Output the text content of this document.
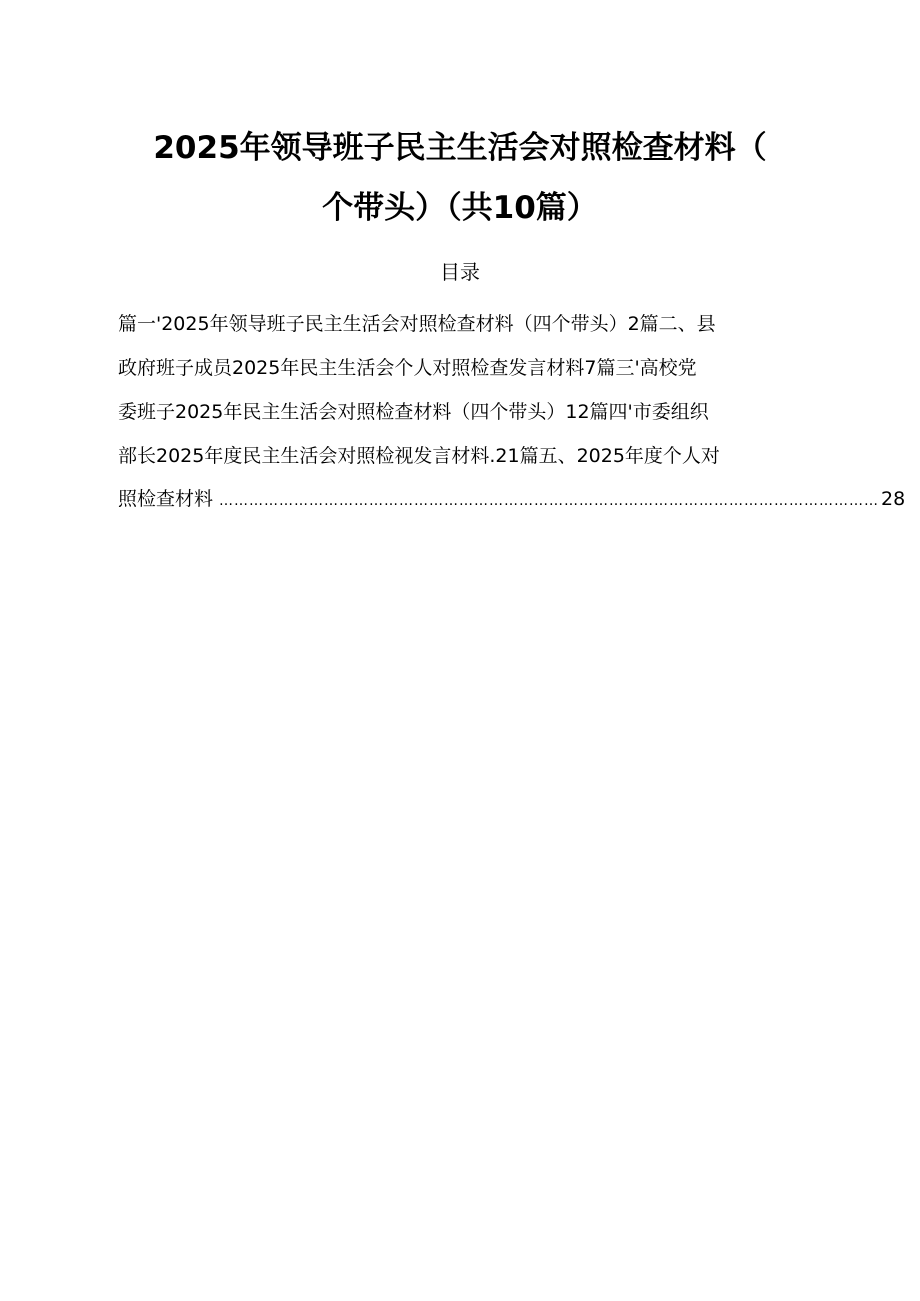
2025年领导班子民主生活会对照检查材料（
个带头）（共10篇）
目录
篇一'2025年领导班子民主生活会对照检查材料（四个带头）2篇二、县
政府班子成员2025年民主生活会个人对照检查发言材料7篇三'高校党
委班子2025年民主生活会对照检查材料（四个带头）12篇四'市委组织
部长2025年度民主生活会对照检视发言材料.21篇五、2025年度个人对
照检查材料 …………………………………………………………………………………………………………………… 28
